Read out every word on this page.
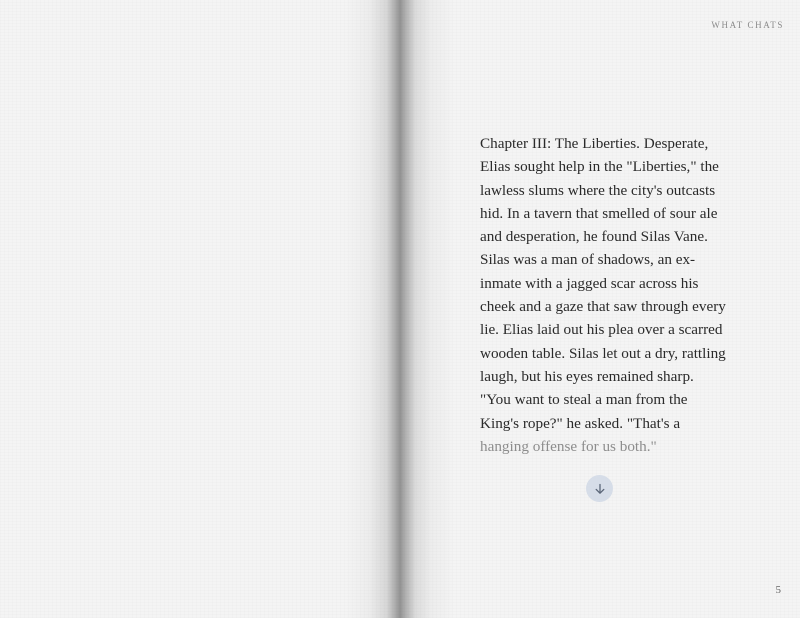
WHAT CHATS

Chapter III: The Liberties. Desperate,
Elias sought help in the "Liberties," the
lawless slums where the city's outcasts
hid. In a tavern that smelled of sour ale
and desperation, he found Silas Vane.
Silas was a man of shadows, an ex-
inmate with a jagged scar across his
cheek and a gaze that saw through every
lie. Elias laid out his plea over a scarred
wooden table. Silas let out a dry, rattling
laugh, but his eyes remained sharp.
"You want to steal a man from the
King's rope?" he asked. "That's a
hanging offense for us both."

5
